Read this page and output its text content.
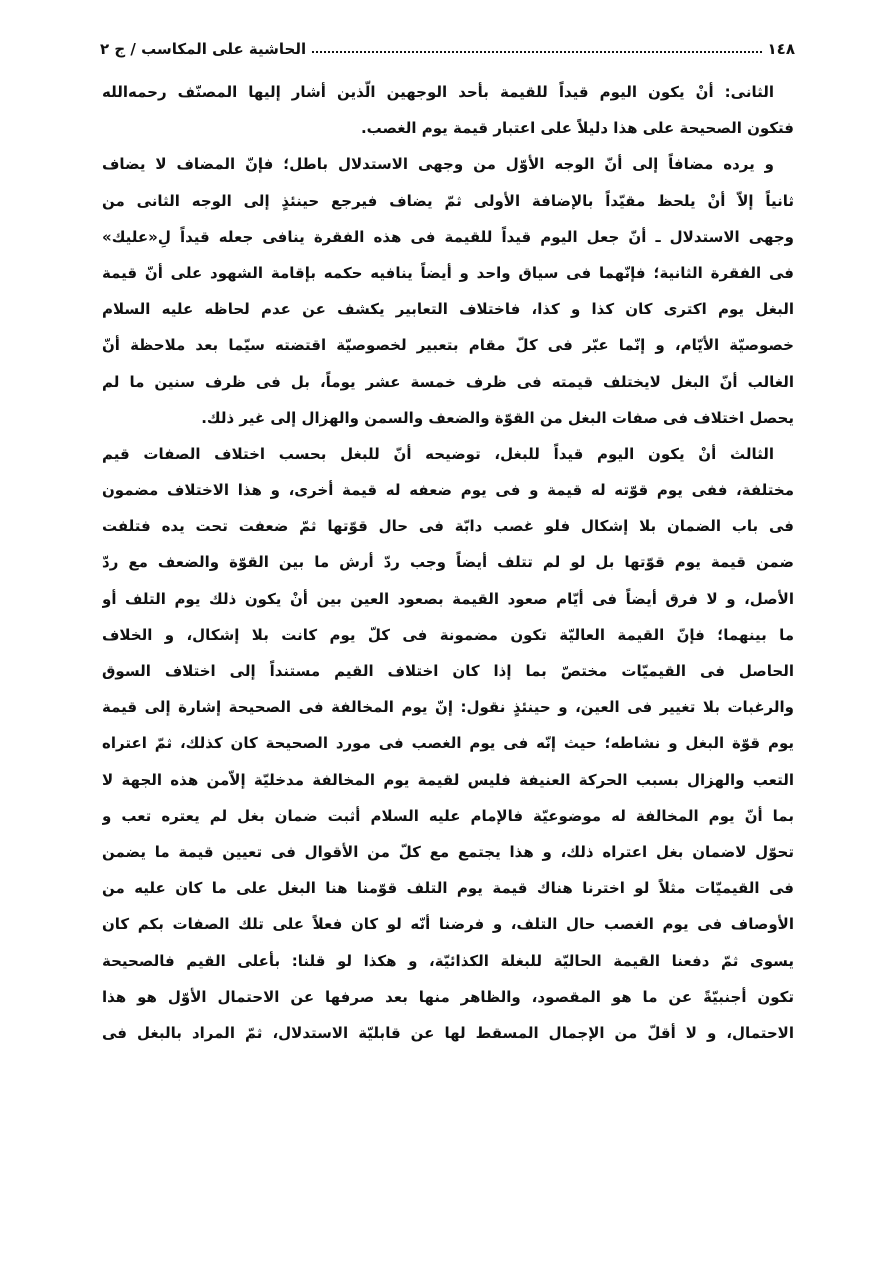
١٤٨
الحاشية على المكاسب / ج ٢
الثانى: أنْ يكون اليوم قيداً للقيمة بأحد الوجهين الّذين أشار إليها المصنّف رحمه‌الله
فتكون الصحيحة على هذا دليلاً على اعتبار قيمة يوم الغصب.
و يرده مضافاً إلى أنّ الوجه الأوّل من وجهى الاستدلال باطل؛ فإنّ المضاف لا يضاف
ثانياً إلاّ أنْ يلحظ مقيّداً بالإضافة الأولى ثمّ يضاف فيرجع حينئذٍ إلى الوجه الثانى من
وجهى الاستدلال ـ أنّ جعل اليوم قيداً للقيمة فى هذه الفقرة ينافى جعله قيداً لِ«عليك»
فى الفقرة الثانية؛ فإنّهما فى سياق واحد و أيضاً ينافيه حكمه بإقامة الشهود على أنّ قيمة
البغل يوم اكترى كان كذا و كذا، فاختلاف التعابير يكشف عن عدم لحاظه عليه السلام
خصوصيّة الأيّام، و إنّما عبّر فى كلّ مقام بتعبير لخصوصيّة اقتضته سيّما بعد ملاحظة أنّ
الغالب أنّ البغل لايختلف قيمته فى ظرف خمسة عشر يوماً، بل فى ظرف سنين ما لم
يحصل اختلاف فى صفات البغل من القوّة والضعف والسمن والهزال إلى غير ذلك.
الثالث أنْ يكون اليوم قيداً للبغل، توضيحه أنّ للبغل بحسب اختلاف الصفات قيم
مختلفة، ففى يوم قوّته له قيمة و فى يوم ضعفه له قيمة أخرى، و هذا الاختلاف مضمون
فى باب الضمان بلا إشكال فلو غصب دابّة فى حال قوّتها ثمّ ضعفت تحت يده فتلفت
ضمن قيمة يوم قوّتها بل لو لم تتلف أيضاً وجب ردّ أرش ما بين القوّة والضعف مع ردّ
الأصل، و لا فرق أيضاً فى أيّام صعود القيمة بصعود العين بين أنْ يكون ذلك يوم التلف أو
ما بينهما؛ فإنّ القيمة العاليّة تكون مضمونة فى كلّ يوم كانت بلا إشكال، و الخلاف
الحاصل فى القيميّات مختصّ بما إذا كان اختلاف القيم مستنداً إلى اختلاف السوق
والرغبات بلا تغيير فى العين، و حينئذٍ نقول: إنّ يوم المخالفة فى الصحيحة إشارة إلى قيمة
يوم قوّة البغل و نشاطه؛ حيث إنّه فى يوم الغصب فى مورد الصحيحة كان كذلك، ثمّ اعتراه
التعب والهزال بسبب الحركة العنيفة فليس لقيمة يوم المخالفة مدخليّة إلاّمن هذه الجهة لا
بما أنّ يوم المخالفة له موضوعيّة فالإمام عليه السلام أثبت ضمان بغل لم يعتره تعب و
تحوّل لاضمان بغل اعتراه ذلك، و هذا يجتمع مع كلّ من الأقوال فى تعيين قيمة ما يضمن
فى القيميّات مثلاً لو اخترنا هناك قيمة يوم التلف قوّمنا هنا البغل على ما كان عليه من
الأوصاف فى يوم الغصب حال التلف، و فرضنا أنّه لو كان فعلاً على تلك الصفات بكم كان
يسوى ثمّ دفعنا القيمة الحاليّة للبغلة الكذائيّة، و هكذا لو قلنا: بأعلى القيم فالصحيحة
تكون أجنبيّةً عن ما هو المقصود، والظاهر منها بعد صرفها عن الاحتمال الأوّل هو هذا
الاحتمال، و لا أقلّ من الإجمال المسقط لها عن قابليّة الاستدلال، ثمّ المراد بالبغل فى
